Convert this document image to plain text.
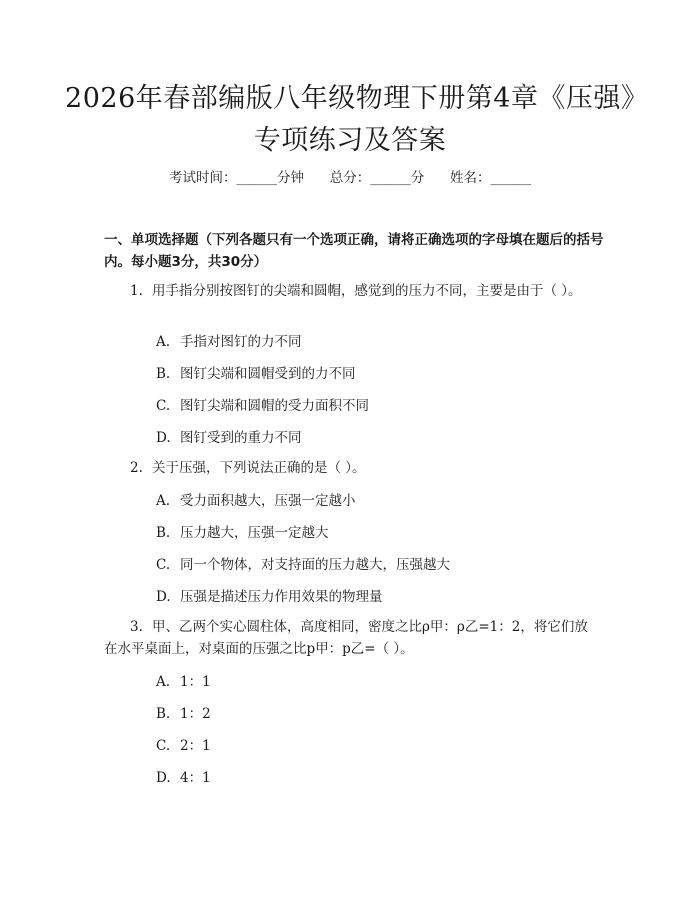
2026年春部编版八年级物理下册第4章《压强》专项练习及答案
考试时间：______分钟      总分：______分      姓名：______
一、单项选择题（下列各题只有一个选项正确，请将正确选项的字母填在题后的括号内。每小题3分，共30分）
1. 用手指分别按图钉的尖端和圆帽，感觉到的压力不同，主要是由于（ ）。
A. 手指对图钉的力不同
B. 图钉尖端和圆帽受到的力不同
C. 图钉尖端和圆帽的受力面积不同
D. 图钉受到的重力不同
2. 关于压强，下列说法正确的是（ ）。
A. 受力面积越大，压强一定越小
B. 压力越大，压强一定越大
C. 同一个物体，对支持面的压力越大，压强越大
D. 压强是描述压力作用效果的物理量
3. 甲、乙两个实心圆柱体，高度相同，密度之比ρ甲：ρ乙=1：2，将它们放在水平桌面上，对桌面的压强之比p甲：p乙=（ ）。
A. 1：1
B. 1：2
C. 2：1
D. 4：1
